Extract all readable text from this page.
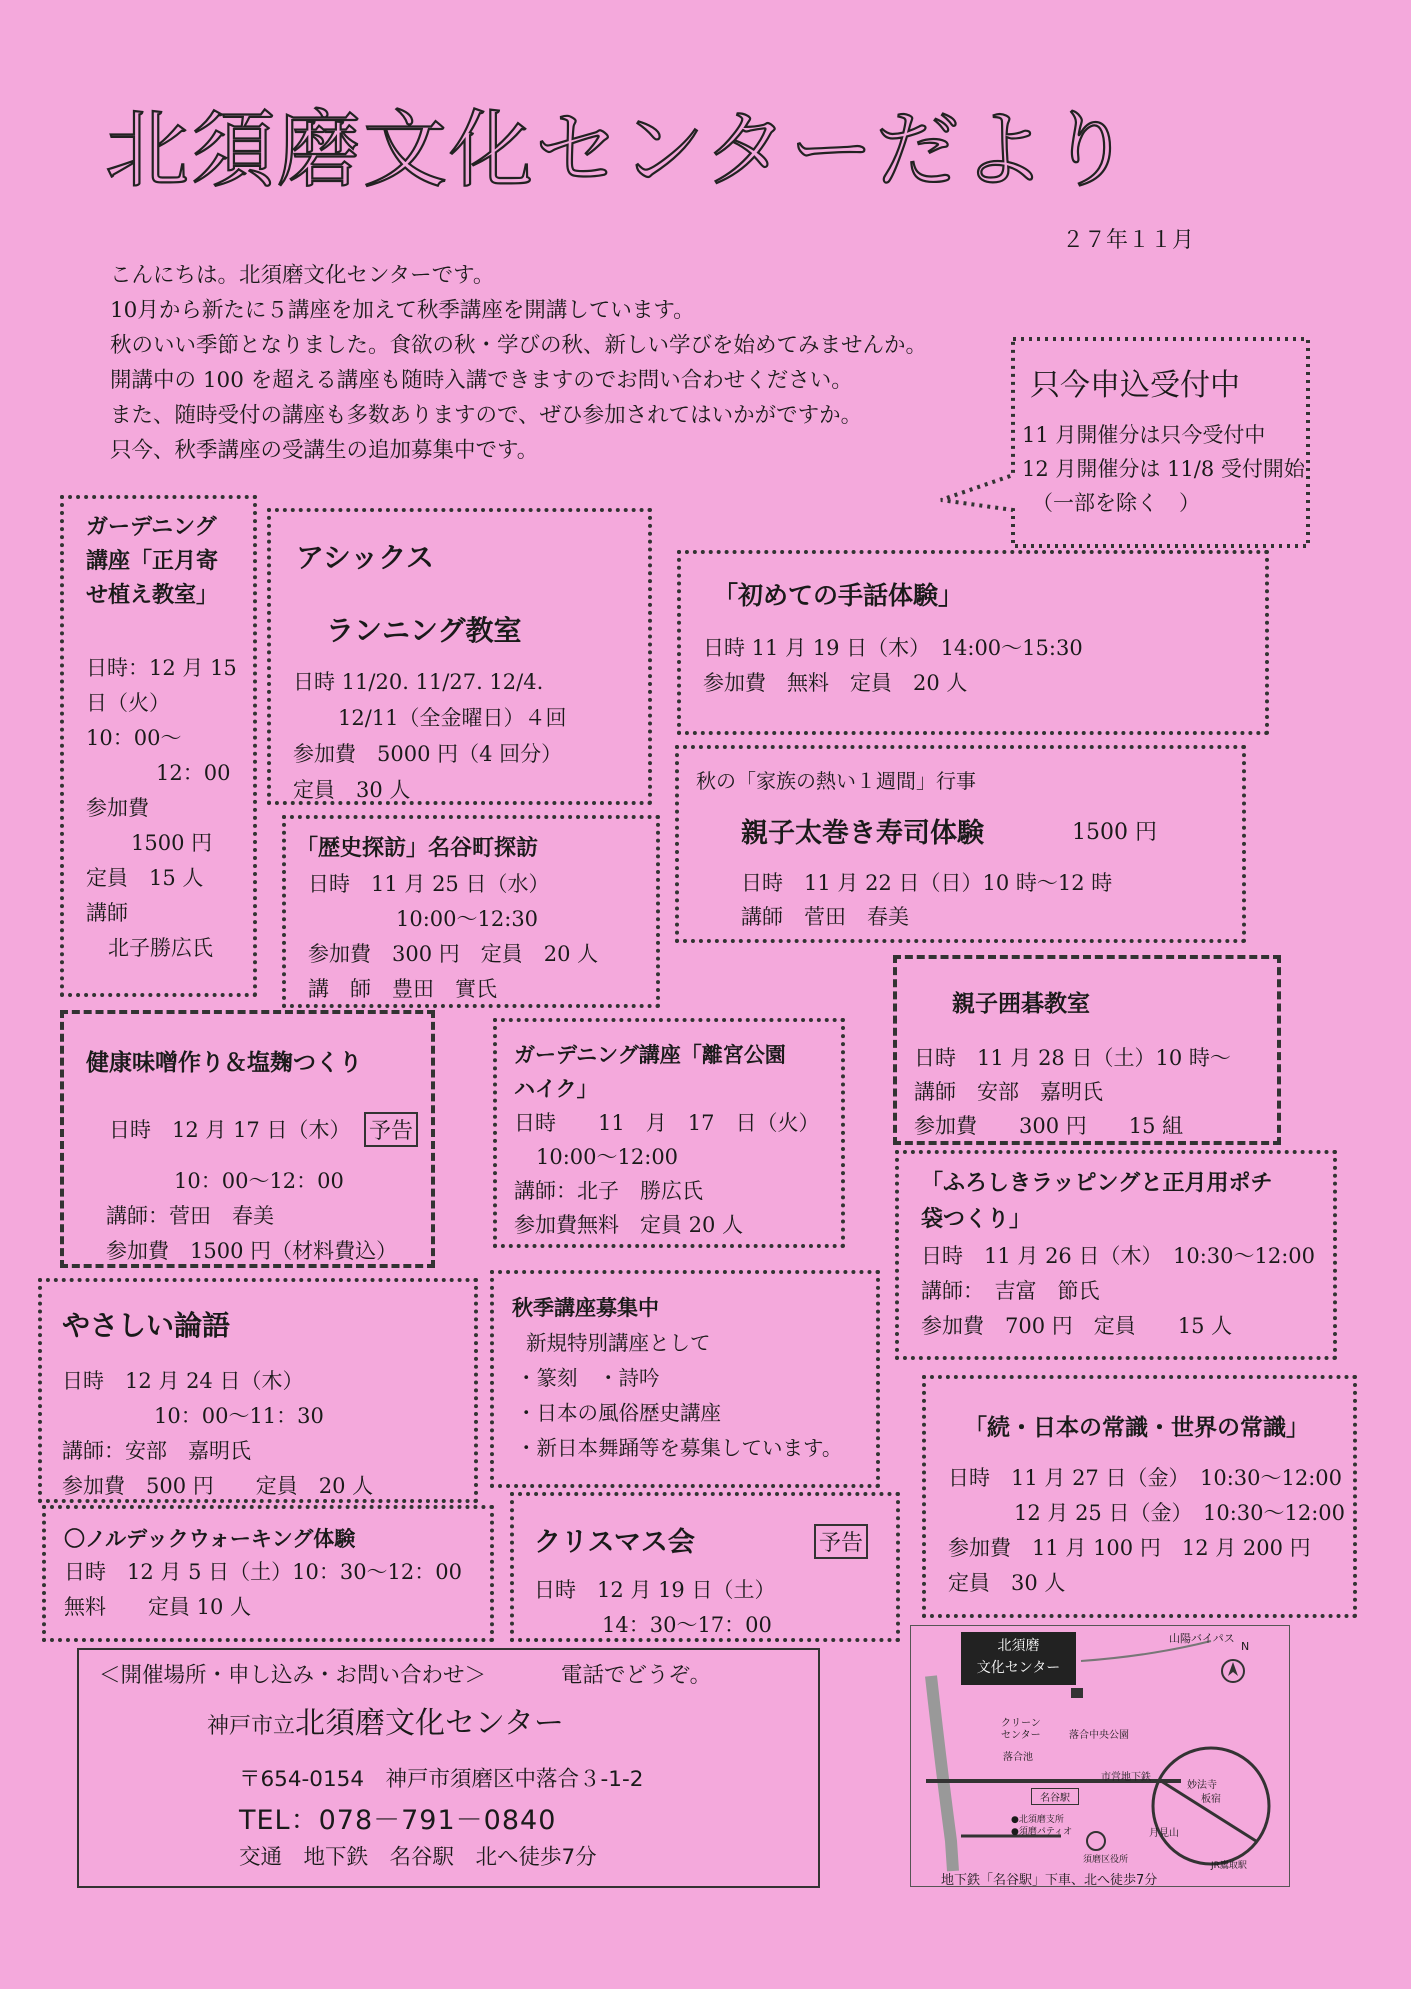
北須磨文化センターだより
２７年１１月
こんにちは。北須磨文化センターです。
10月から新たに５講座を加えて秋季講座を開講しています。
秋のいい季節となりました。食欲の秋・学びの秋、新しい学びを始めてみませんか。
開講中の 100 を超える講座も随時入講できますのでお問い合わせください。
また、随時受付の講座も多数ありますので、ぜひ参加されてはいかがですか。
只今、秋季講座の受講生の追加募集中です。
只今申込受付中
11 月開催分は只今受付中
12 月開催分は 11/8 受付開始
（一部を除く　）
ガーデニング
講座「正月寄
せ植え教室」
日時：12 月 15
日（火）
10：00～
12：00
参加費
1500 円
定員　15 人
講師
北子勝広氏
アシックス
ランニング教室
日時 11/20. 11/27. 12/4.
12/11（全金曜日）４回
参加費　5000 円（4 回分）
定員　30 人
「初めての手話体験」
日時 11 月 19 日（木）　14:00～15:30
参加費　無料　定員　20 人
秋の「家族の熱い１週間」行事
親子太巻き寿司体験	1500 円
日時　11 月 22 日（日）10 時～12 時
講師　菅田　春美
「歴史探訪」名谷町探訪
日時　11 月 25 日（水）
10:00～12:30
参加費　300 円　定員　20 人
講　師　豊田　實氏
親子囲碁教室
日時　11 月 28 日（土）10 時～
講師　安部　嘉明氏
参加費　　300 円　　15 組
健康味噌作り＆塩麹つくり
日時　12 月 17 日（木） 予告
10：00～12：00
講師：菅田　春美
参加費　1500 円（材料費込）
ガーデニング講座「離宮公園
ハイク」
日時　　11　月　17　日（火）
10:00～12:00
講師：北子　勝広氏
参加費無料　定員 20 人
「ふろしきラッピングと正月用ポチ
袋つくり」
日時　11 月 26 日（木）　10:30～12:00
講師：　吉富　節氏
参加費　700 円　定員　　15 人
やさしい論語
日時　12 月 24 日（木）
10：00～11：30
講師：安部　嘉明氏
参加費　500 円　　定員　20 人
秋季講座募集中
新規特別講座として
・篆刻　・詩吟
・日本の風俗歴史講座
・新日本舞踊等を募集しています。
「続・日本の常識・世界の常識」
日時　11 月 27 日（金）　10:30～12:00
12 月 25 日（金）　10:30～12:00
参加費　11 月 100 円　12 月 200 円
定員　30 人
〇ノルデックウォーキング体験
日時　12 月 5 日（土）10：30～12：00
無料　　定員 10 人
クリスマス会	予告
日時　12 月 19 日（土）
14：30～17：00
＜開催場所・申し込み・お問い合わせ＞	電話でどうぞ。
神戸市立北須磨文化センター
〒654-0154　神戸市須磨区中落合３-1-2
TEL：078－791－0840
交通　地下鉄　名谷駅　北へ徒歩7分
北須磨
文化センター
山陽バイパス
N
クリーン
センター	落合中央公園
落合池
市営地下鉄
名谷駅
●北須磨支所
●須磨パティオ
須磨区役所
妙法寺
板宿
月見山
JR鷹取駅
地下鉄「名谷駅」下車、北へ徒歩7分
